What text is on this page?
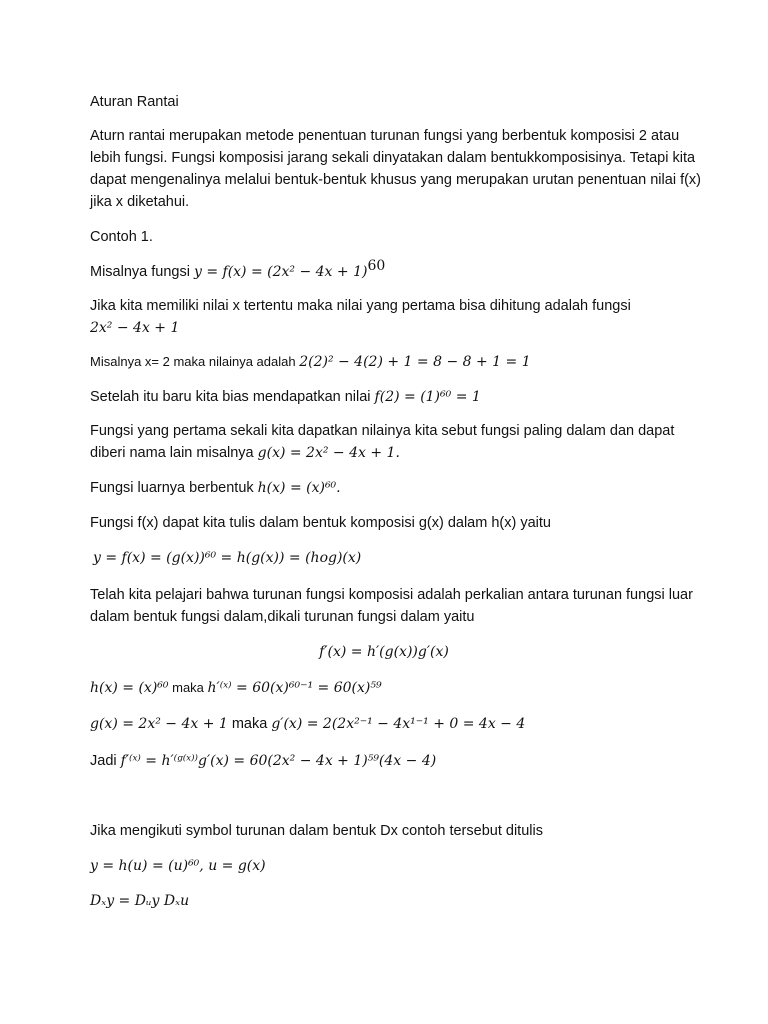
Aturan Rantai
Aturn rantai merupakan metode penentuan turunan fungsi yang berbentuk komposisi 2 atau
lebih fungsi. Fungsi komposisi jarang sekali dinyatakan dalam bentukkomposisinya. Tetapi kita
dapat mengenalinya melalui bentuk-bentuk khusus yang merupakan urutan penentuan nilai f(x)
jika x diketahui.
Contoh 1.
Misalnya fungsi $y = f(x) = (2x^2 - 4x + 1)^{60}$
Jika kita memiliki nilai x tertentu maka nilai yang pertama bisa dihitung adalah fungsi
2x² − 4x + 1
Misalnya x= 2 maka nilainya adalah 2(2)² − 4(2) + 1 = 8 − 8 + 1 = 1
Setelah itu baru kita bias mendapatkan nilai f(2) = (1)⁶⁰ = 1
Fungsi yang pertama sekali kita dapatkan nilainya kita sebut fungsi paling dalam dan dapat
diberi nama lain misalnya g(x) = 2x² − 4x + 1.
Fungsi luarnya berbentuk h(x) = (x)⁶⁰.
Fungsi f(x) dapat kita tulis dalam bentuk komposisi g(x) dalam h(x) yaitu
y = f(x) = (g(x))⁶⁰ = h(g(x)) = (hog)(x)
Telah kita pelajari bahwa turunan fungsi komposisi adalah perkalian antara turunan fungsi luar
dalam bentuk fungsi dalam,dikali turunan fungsi dalam yaitu
f′(x) = h′(g(x))g′(x)
h(x) = (x)⁶⁰ maka h′⁽ˣ⁾ = 60(x)⁶⁰⁻¹ = 60(x)⁵⁹
g(x) = 2x² − 4x + 1 maka g′(x) = 2(2x²⁻¹ − 4x¹⁻¹ + 0 = 4x − 4
Jadi f′⁽ˣ⁾ = h′⁽ᵍ⁽ˣ⁾⁾g′(x) = 60(2x² − 4x + 1)⁵⁹(4x − 4)
Jika mengikuti symbol turunan dalam bentuk Dx contoh tersebut ditulis
y = h(u) = (u)⁶⁰, u = g(x)
Dₓy = Dᵤy Dₓu
